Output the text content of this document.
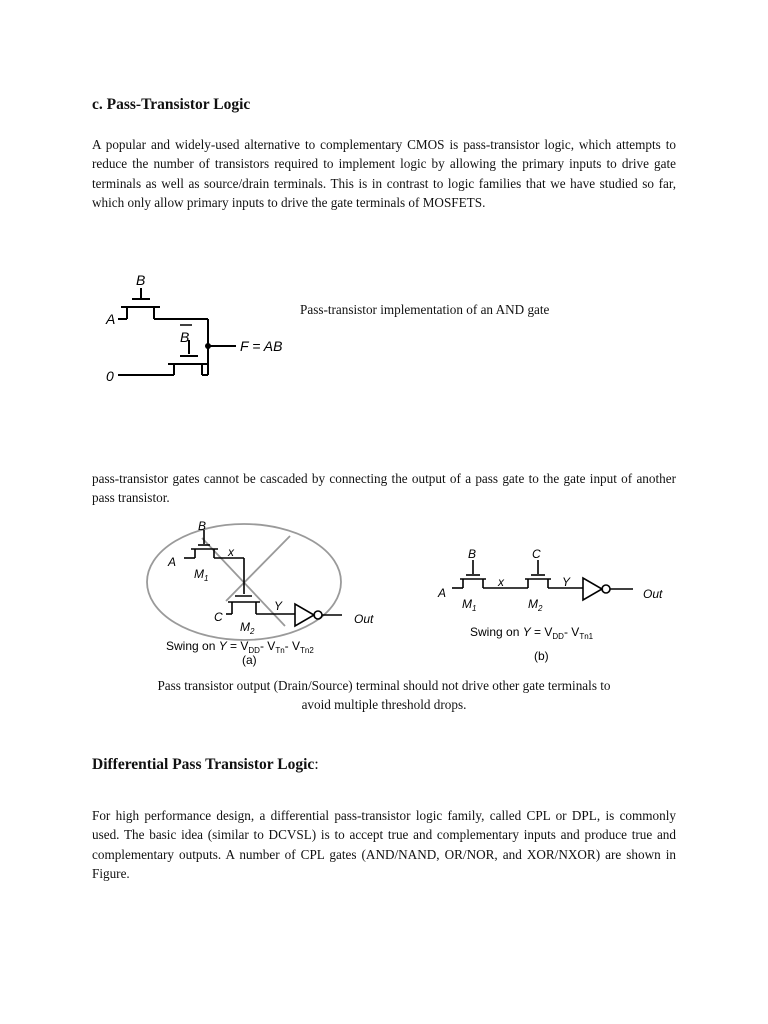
c. Pass-Transistor Logic

A popular and widely-used alternative to complementary CMOS is pass-transistor logic, which attempts to reduce the number of transistors required to implement logic by allowing the primary inputs to drive gate terminals as well as source/drain terminals. This is in contrast to logic families that we have studied so far, which only allow primary inputs to drive the gate terminals of MOSFETS.

B
A
B
0
F = AB
Pass-transistor implementation of an AND gate

pass-transistor gates cannot be cascaded by connecting the output of a pass gate to the gate input of another pass transistor.

B
A
x
$M_1$
C
$M_2$
Y
Out
Swing on $Y = V_{DD}-$ $V_{Tn}-$ $V_{Tn2}$
(a)
B	C
A
x	Y
$M_1$	$M_2$
Out
Swing on $Y = V_{DD}-$ $V_{Tn1}$
(b)
Pass transistor output (Drain/Source) terminal should not drive other gate terminals to
avoid multiple threshold drops.
Differential Pass Transistor Logic:

For high performance design, a differential pass-transistor logic family, called CPL or DPL, is commonly used. The basic idea (similar to DCVSL) is to accept true and complementary inputs and produce true and complementary outputs. A number of CPL gates (AND/NAND, OR/NOR, and XOR/NXOR) are shown in Figure.
